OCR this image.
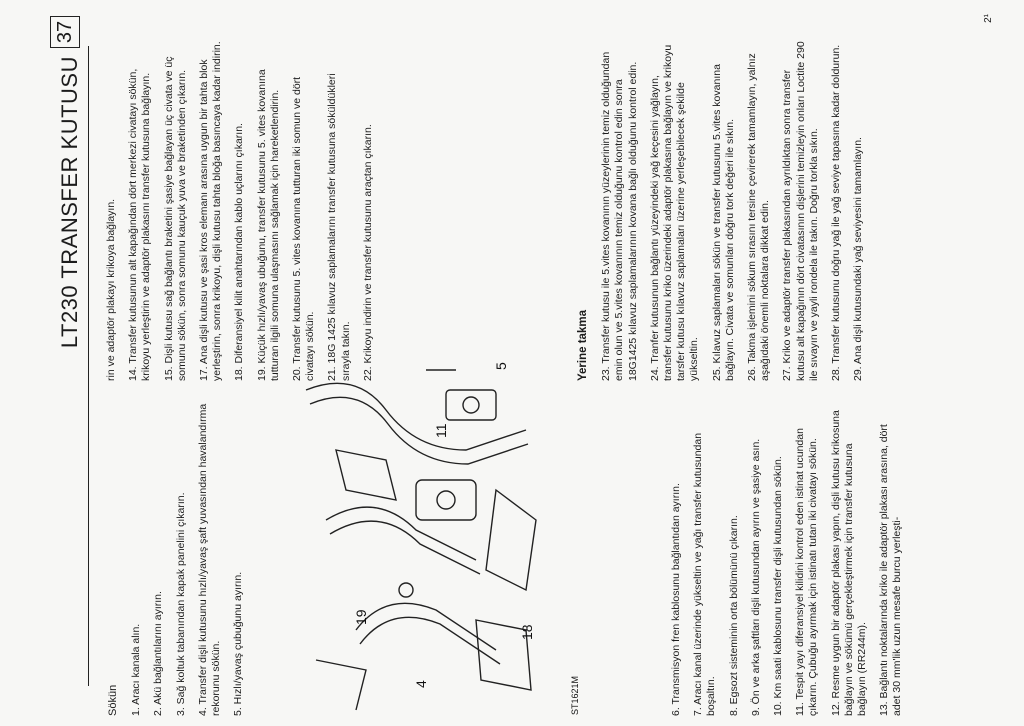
LT230 TRANSFER KUTUSU
37
Sökün 1. Aracı kanala alın. 2. Akü bağlantılarını ayırın. 3. Sağ koltuk tabanından kapak panelini çıkarın. 4. Transfer dişli kutusunu hızlı/yavaş şaft yuvasından havalandırma rekorunu sökün. 5. Hızlı/yavaş çubuğunu ayırın.	6. Transmisyon fren kablosunu bağlantıdan ayırın. 7. Aracı kanal üzerinde yükseltin ve yağı transfer kutusundan boşaltın. 8. Egsozt sisteminin orta bölümünü çıkarın. 9. Ön ve arka şaftları dişli kutusundan ayırın ve şasiye asın. 10. Km saati kablosunu transfer dişli kutusundan sökün. 11. Tespit yayı diferansiyel kilidini kontrol eden istinat ucundan çıkarın. Çubuğu ayırmak için istinatı tutan iki civatayı sökün. 12. Resme uygun bir adaptör plakası yapın, dişli kutusu krikosuna bağlayın ve sökümü gerçekleştirmek için transfer kutusuna bağlayın (RR244m). 13. Bağlantı noktalarında kriko ile adaptör plakası arasına, dört adet 30 mm'lik uzun mesafe burcu yerleşti-

rin ve adaptör plakayı krikoya bağlayın. 14. Transfer kutusunun alt kapağından dört merkezi civatayı sökün, krikoyu yerleştirin ve adaptör plakasını transfer kutusuna bağlayın. 15. Dişli kutusu sağ bağlantı braketini şasiye bağlayan üç civata ve üç somunu sökün, sonra somunu kauçuk yuva ve braketinden çıkarın. 17. Ana dişli kutusu ve şasi kros elemanı arasına uygun bir tahta blok yerleştirin, sonra krikoyu, dişli kutusu tahta bloğa basıncaya kadar indirin. 18. Diferansiyel kilit anahtarından kablo uçlarını çıkarın. 19. Küçük hızlı/yavaş ubuğunu, transfer kutusunu 5. vites kovanına tutturan ilgili somuna ulaşmasını sağlamak için hareketlendirin. 20. Transfer kutusunu 5. vites kovanına tutturan iki somun ve dört civatayı sökün. 21. 18G 1425 kılavuz saplamalarını transfer kutusuna söküldükleri sırayla takın. 22. Krikoyu indirin ve transfer kutusunu araçtan çıkarın.	Yerine takma 23. Transfer kutusu ile 5.vites kovanının yüzeylerinin temiz olduğundan emin olun ve 5.vites kovanının temiz olduğunu kontrol edin sonra 18G1425 kılavuz saplamalarının kovana bağlı olduğunu kontrol edin. 24. Tranfer kutusunun bağlantı yüzeyindeki yağ keçesini yağlayın, transfer kutusunu kriko üzerindeki adaptör plakasına bağlayın ve krikoyu tarsfer kutusu kılavuz saplamaları üzerine yerleşebilecek şekilde yükseltin. 25. Kılavuz saplamaları sökün ve transfer kutusunu 5.vites kovanına bağlayın. Civata ve somunları doğru tork değeri ile sıkın. 26. Takma işlemini sökum sırasını tersine çevirerek tamamlayın, yalnız aşağıdaki önemli noktalara dikkat edin. 27. Kriko ve adaptör transfer plakasından ayrıldıktan sonra transfer kutusu alt kapağının dört civatasının dişlerini temizleyin onları Loctite 290 ile sıvayın ve yayli rondela ile takın. Doğru torkla sıkın. 28. Transfer kutusunu doğru yağ ile yağ seviye tapasına kadar doldurun. 29. Ana dişli kutusundaki yağ seviyesini tamamlayın.

2¹
5
11
19
18
4	ST1621M
